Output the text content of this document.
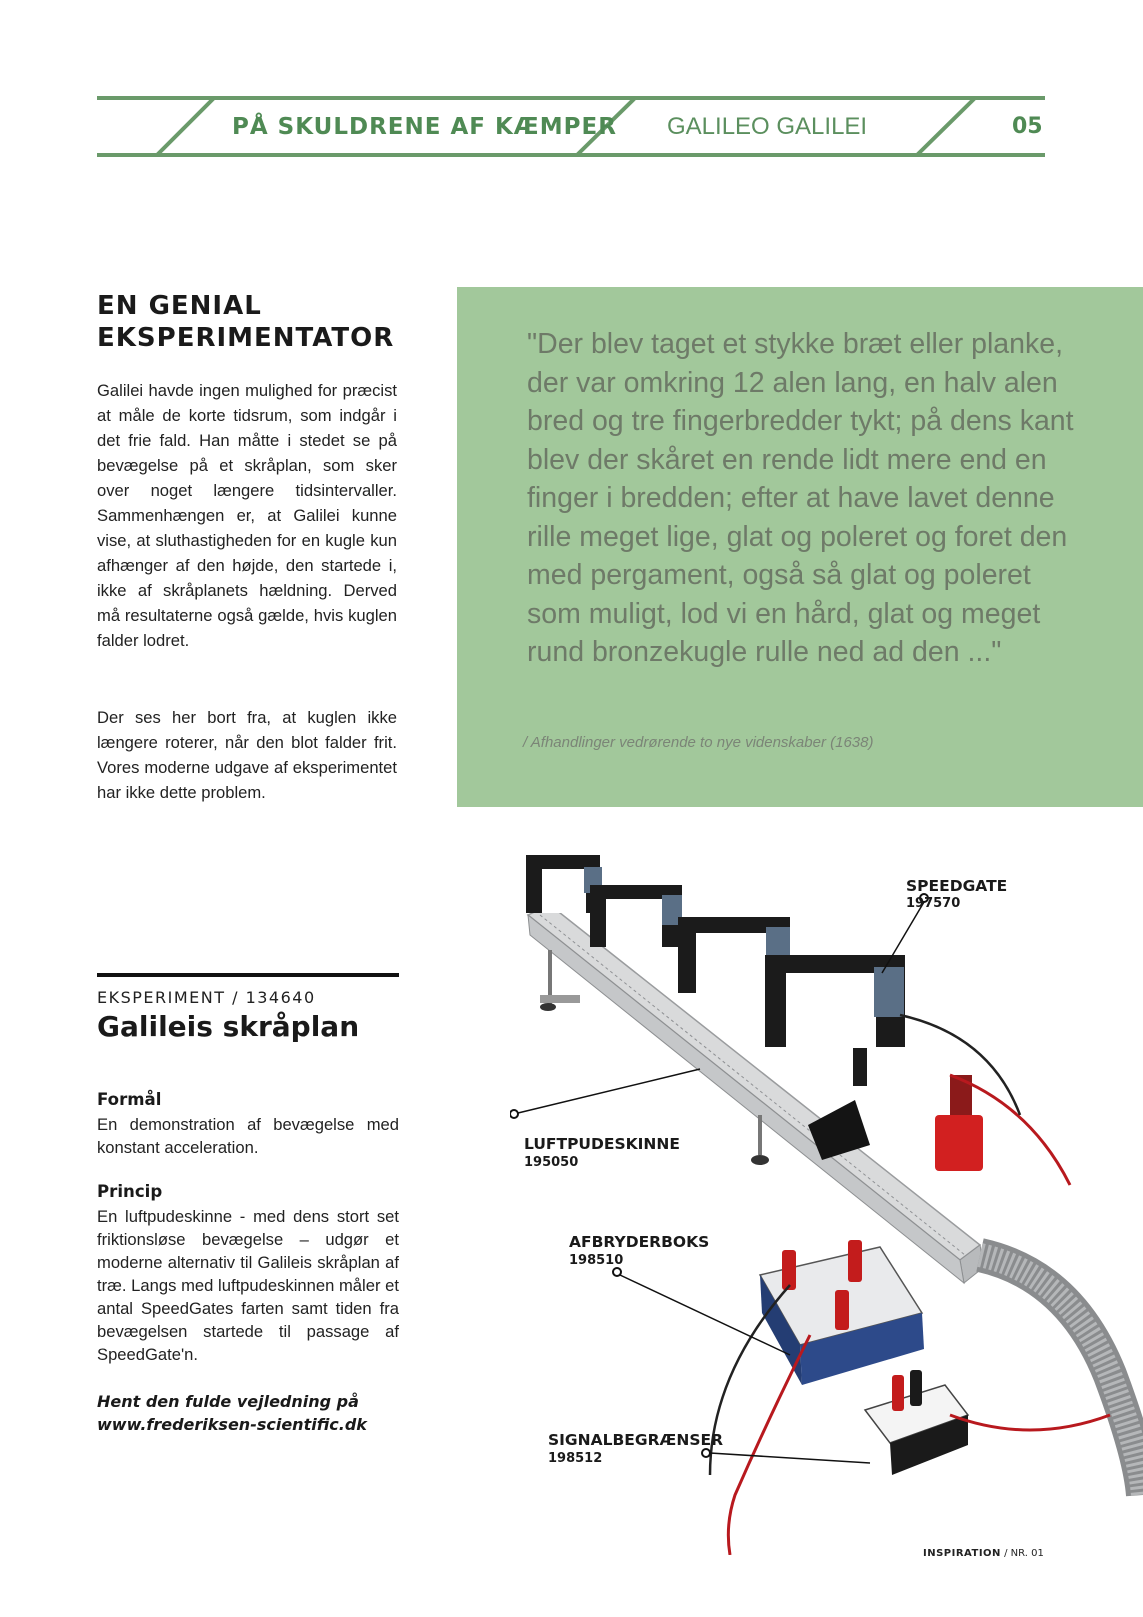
PÅ SKULDRENE AF KÆMPER GALILEO GALILEI	05
EN GENIAL
EKSPERIMENTATOR

Galilei havde ingen mulighed for præcist at måle de korte tidsrum, som indgår i det frie fald. Han måtte i stedet se på bevægelse på et skråplan, som sker over noget længere tidsintervaller. Sammenhængen er, at Galilei kunne vise, at sluthastigheden for en kugle kun afhænger af den højde, den startede i, ikke af skråplanets hældning. Derved må resultaterne også gælde, hvis kuglen falder lodret.

Der ses her bort fra, at kuglen ikke længere roterer, når den blot falder frit. Vores moderne udgave af eksperimentet har ikke dette problem.

"Der blev taget et stykke bræt eller planke, der var omkring 12 alen lang, en halv alen bred og tre fingerbredder tykt; på dens kant blev der skåret en rende lidt mere end en finger i bredden; efter at have lavet denne rille meget lige, glat og poleret og foret den med pergament, også så glat og poleret som muligt, lod vi en hård, glat og meget rund bronzekugle rulle ned ad den ..."

/ Afhandlinger vedrørende to nye videnskaber (1638)

EKSPERIMENT / 134640

Galileis skråplan

Formål

En demonstration af bevægelse med konstant acceleration.

Princip

En luftpudeskinne - med dens stort set friktionsløse bevægelse – udgør et moderne alternativ til Galileis skråplan af træ. Langs med luftpudeskinnen måler et antal SpeedGates farten samt tiden fra bevægelsen startede til passage af SpeedGate'n.

Hent den fulde vejledning på
www.frederiksen-scientific.dk

SPEEDGATE

197570

LUFTPUDESKINNE

195050

AFBRYDERBOKS

198510

SIGNALBEGRÆNSER

198512

INSPIRATION / NR. 01
